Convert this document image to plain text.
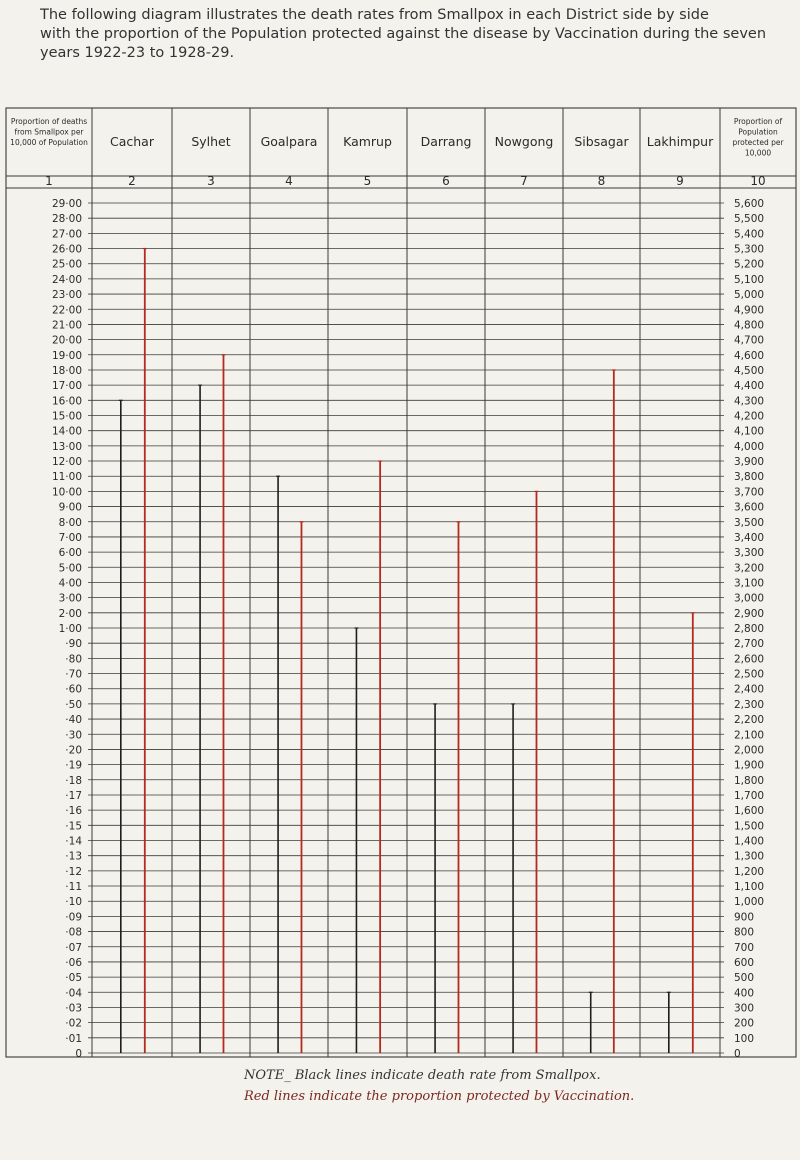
The following diagram illustrates the death rates from Smallpox in each District side by side
with the proportion of the Population protected against the disease by Vaccination during the seven
years 1922-23 to 1928-29.
Proportion of deaths from Smallpox per 10,000 of Population
Proportion of Population protected per 10,000
Cachar	Sylhet Goalpara Kamrup Darrang Nowgong Sibsagar Lakhimpur
1	2	3	4	5	6	7	8	9	10
29·00	5,600
28·00	5,500
27·00	5,400
26·00	5,300
25·00	5,200
24·00	5,100
23·00	5,000
22·00	4,900
21·00	4,800
20·00	4,700
19·00	4,600
18·00	4,500
17·00	4,400
16·00	4,300
15·00	4,200
14·00	4,100
13·00	4,000
12·00	3,900
11·00	3,800
10·00	3,700
9·00	3,600
8·00	3,500
7·00	3,400
6·00	3,300
5·00	3,200
4·00	3,100
3·00	3,000
2·00	2,900
1·00	2,800
·90	2,700
·80	2,600
·70	2,500
·60	2,400
·50	2,300
·40	2,200
·30	2,100
·20	2,000
·19	1,900
·18	1,800
·17	1,700
·16	1,600
·15	1,500
·14	1,400
·13	1,300
·12	1,200
·11	1,100
·10	1,000
·09	900
·08	800
·07	700
·06	600
·05	500
·04	400
·03	300
·02	200
·01	100
0	0
NOTE_ Black lines indicate death rate from Smallpox.
Red lines indicate the proportion protected by Vaccination.
